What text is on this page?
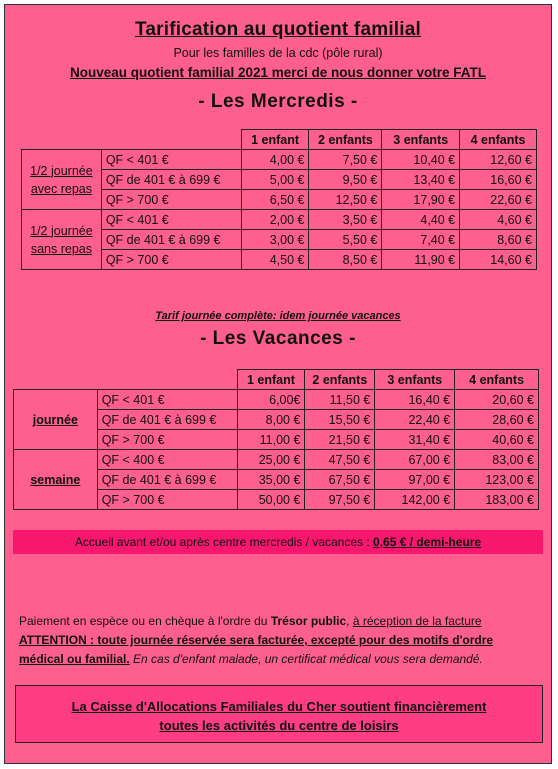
Tarification au quotient familial
Pour les familles de la cdc (pôle rural)
Nouveau quotient familial 2021 merci de nous donner votre FATL
- Les Mercredis -
		1 enfant	2 enfants	3 enfants	4 enfants
1/2 journée
avec repas	QF < 401 €	4,00 €	7,50 €	10,40 €	12,60 €
	QF de 401 € à 699 €	5,00 €	9,50 €	13,40 €	16,60 €
	QF > 700 €	6,50 €	12,50 €	17,90 €	22,60 €
1/2 journée
sans repas	QF < 401 €	2,00 €	3,50 €	4,40 €	4,60 €
	QF de 401 € à 699 €	3,00 €	5,50 €	7,40 €	8,60 €
	QF > 700 €	4,50 €	8,50 €	11,90 €	14,60 €
Tarif journée complète: idem journée vacances
- Les Vacances -
		1 enfant	2 enfants	3 enfants	4 enfants
journée	QF < 401 €	6,00€	11,50 €	16,40 €	20,60 €
	QF de 401 € à 699 €	8,00 €	15,50 €	22,40 €	28,60 €
	QF > 700 €	11,00 €	21,50 €	31,40 €	40,60 €
semaine	QF < 400 €	25,00 €	47,50 €	67,00 €	83,00 €
	QF de 401 € à 699 €	35,00 €	67,50 €	97,00 €	123,00 €
	QF > 700 €	50,00 €	97,50 €	142,00 €	183,00 €
Accueil avant et/ou après centre mercredis / vacances : 0,65 € / demi-heure
Paiement en espèce ou en chèque à l'ordre du Trésor public, à réception de la facture
ATTENTION : toute journée réservée sera facturée, excepté pour des motifs d'ordre
médical ou familial. En cas d'enfant malade, un certificat médical vous sera demandé.
La Caisse d'Allocations Familiales du Cher soutient financièrement
toutes les activités du centre de loisirs
